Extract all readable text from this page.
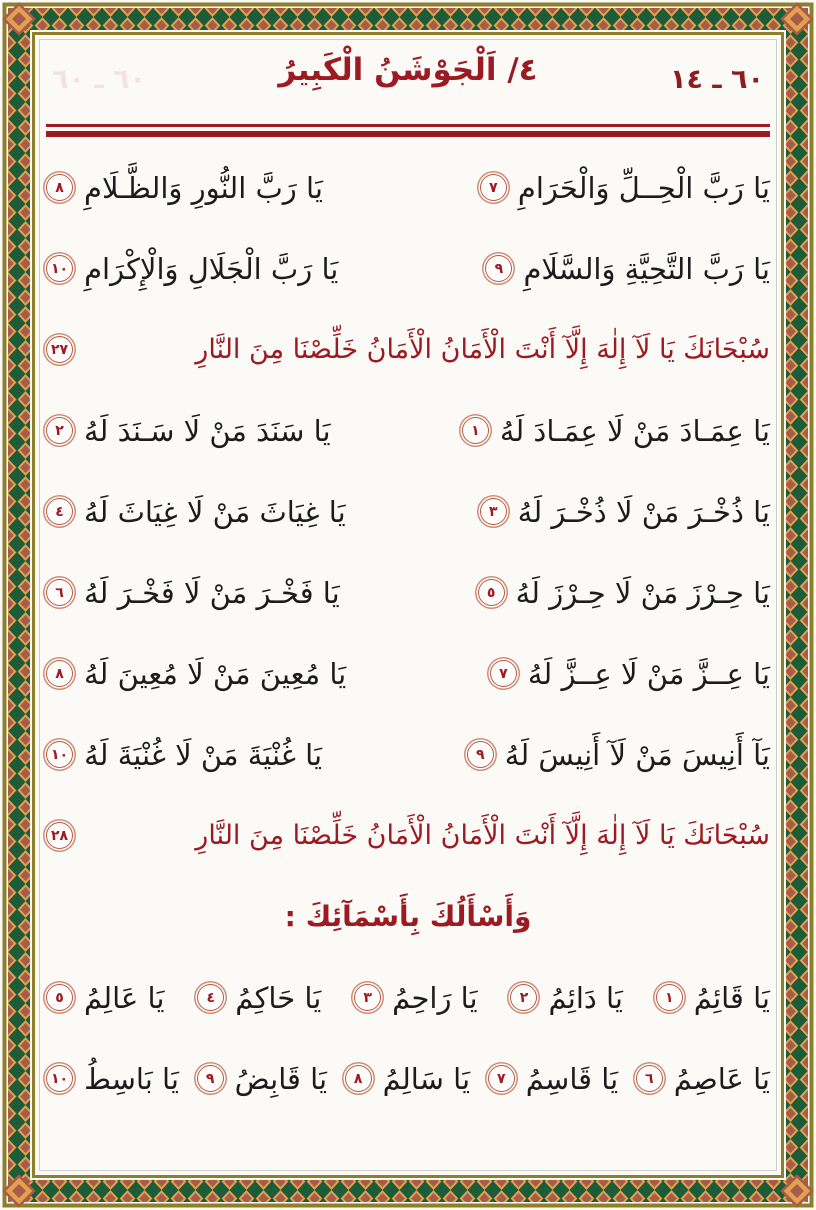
٦٠ ـ ١٤
٤/ اَلْجَوْشَنُ الْكَبِيرُ
٦٠ ـ ٦٠
يَا رَبَّ الْحِــلِّ وَالْحَرَامِ
٧
يَا رَبَّ النُّورِ وَالظَّـلَامِ
٨
يَا رَبَّ التَّحِيَّةِ وَالسَّلَامِ
٩
يَا رَبَّ الْجَلَالِ وَالْإِكْرَامِ
١٠
سُبْحَانَكَ يَا لَآ إِلٰهَ إِلَّآ أَنْتَ الْأَمَانُ الْأَمَانُ خَلِّصْنَا مِنَ النَّارِ
٢٧
يَا عِمَـادَ مَنْ لَا عِمَـادَ لَهُ
١
يَا سَنَدَ مَنْ لَا سَـنَدَ لَهُ
٢
يَا ذُخْـرَ مَنْ لَا ذُخْـرَ لَهُ
٣
يَا غِيَاثَ مَنْ لَا غِيَاثَ لَهُ
٤
يَا حِـرْزَ مَنْ لَا حِـرْزَ لَهُ
٥
يَا فَخْـرَ مَنْ لَا فَخْـرَ لَهُ
٦
يَا عِــزَّ مَنْ لَا عِــزَّ لَهُ
٧
يَا مُعِينَ مَنْ لَا مُعِينَ لَهُ
٨
يَآ أَنِيسَ مَنْ لَآ أَنِيسَ لَهُ
٩
يَا غُنْيَةَ مَنْ لَا غُنْيَةَ لَهُ
١٠
سُبْحَانَكَ يَا لَآ إِلٰهَ إِلَّآ أَنْتَ الْأَمَانُ الْأَمَانُ خَلِّصْنَا مِنَ النَّارِ
٢٨
وَأَسْأَلُكَ بِأَسْمَآئِكَ :
يَا قَائِمُ
١
يَا دَائِمُ
٢
يَا رَاحِمُ
٣
يَا حَاكِمُ
٤
يَا عَالِمُ
٥
يَا عَاصِمُ
٦
يَا قَاسِمُ
٧
يَا سَالِمُ
٨
يَا قَابِضُ
٩
يَا بَاسِطُ
١٠
